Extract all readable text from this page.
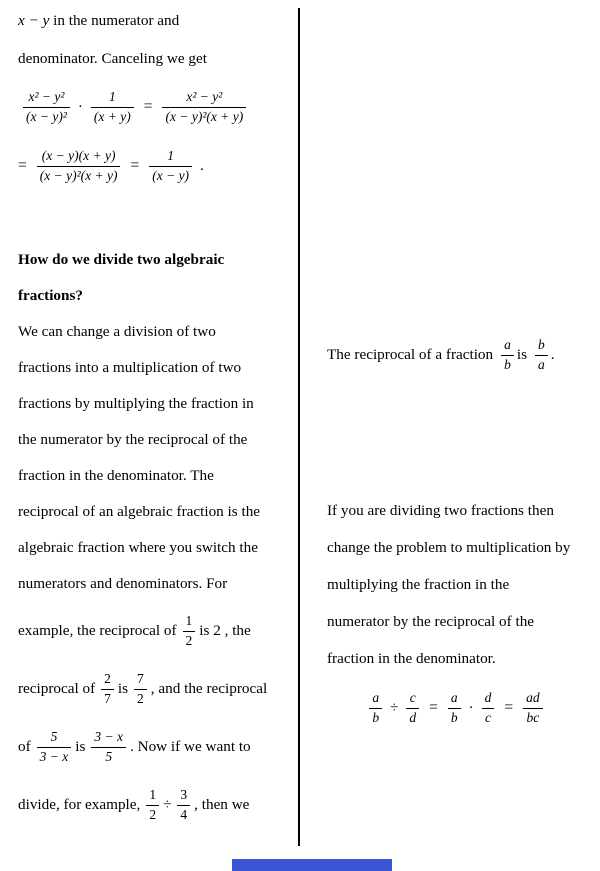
x − y in the numerator and
denominator. Canceling we get
$\frac{\text{x² − y²}}{\text{(x − y)²}} \cdot \frac{1}{(x + y)} = \frac{\text{x² − y²}}{\text{(x − y)²(x + y)}}$
= $\frac{(x - y)(x + y)}{\text{(x − y)²(x + y)}} = \frac{1}{(x - y)}$ .
How do we divide two algebraic
fractions?
We can change a division of two
fractions into a multiplication of two
fractions by multiplying the fraction in
the numerator by the reciprocal of the
fraction in the denominator. The
reciprocal of an algebraic fraction is the
algebraic fraction where you switch the
numerators and denominators. For
example, the reciprocal of $\frac{1}{2}$ is 2 , the
reciprocal of $\frac{2}{7}$ is $\frac{7}{2}$ , and the reciprocal
of $\frac{5}{3 - x}$ is $\frac{3 - x}{5}$ . Now if we want to
divide, for example, $\frac{1}{2} \div \frac{3}{4}$ , then we
The reciprocal of a fraction $\frac{a}{b}$ is $\frac{b}{a}$ .
If you are dividing two fractions then
change the problem to multiplication by
multiplying the fraction in the
numerator by the reciprocal of the
fraction in the denominator.
$\frac{a}{b} \div \frac{c}{d} = \frac{a}{b} \cdot \frac{d}{c} = \frac{ad}{bc}$
